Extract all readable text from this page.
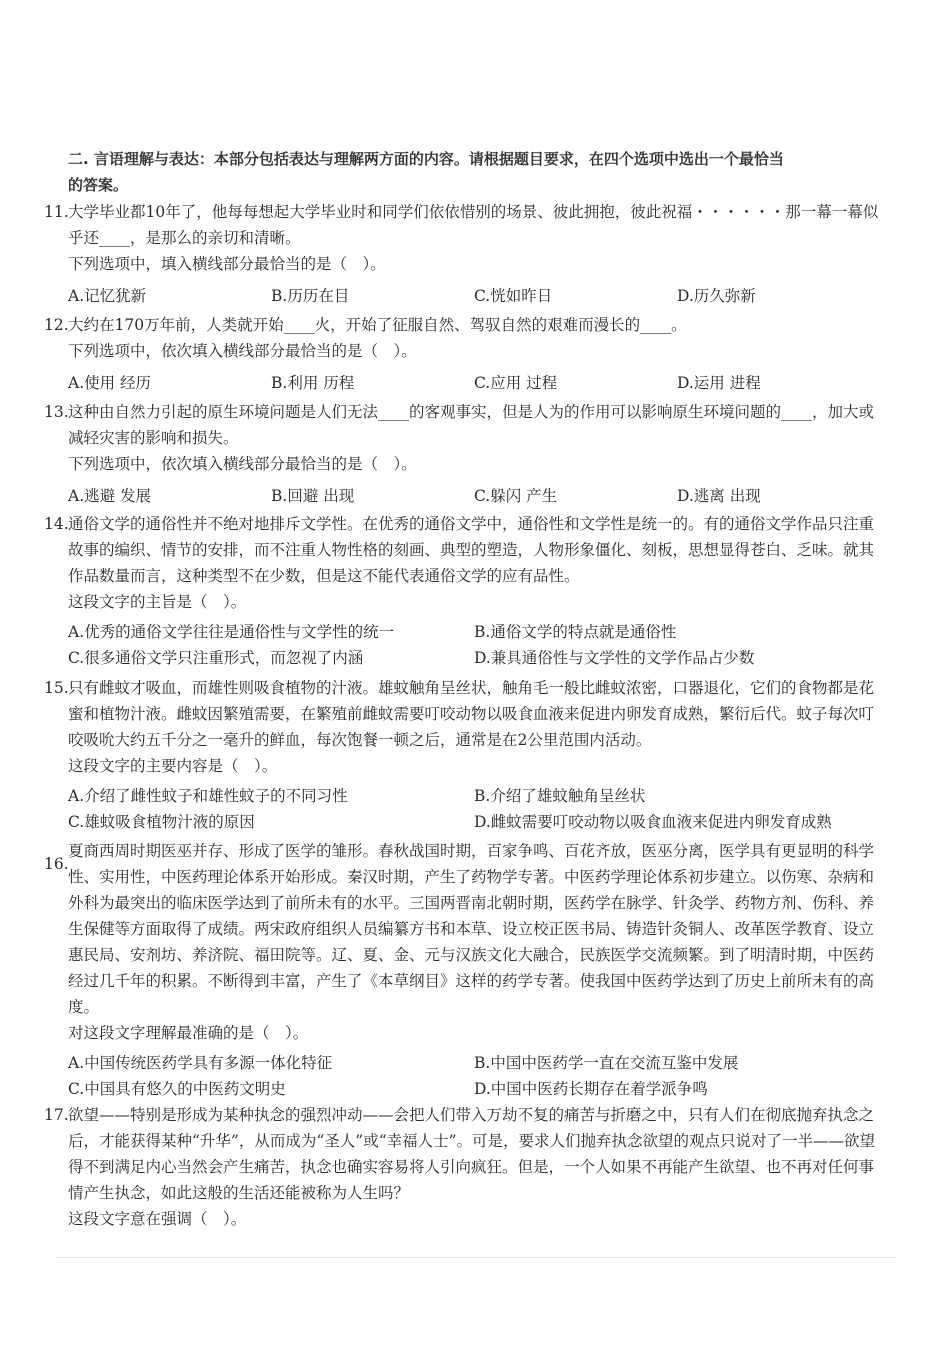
二. 言语理解与表达：本部分包括表达与理解两方面的内容。请根据题目要求，在四个选项中选出一个最恰当
的答案。
11. 大学毕业都10年了，他每每想起大学毕业时和同学们依依惜别的场景、彼此拥抱，彼此祝福・・・・・・那一幕一幕似乎还____，是那么的亲切和清晰。

下列选项中，填入横线部分最恰当的是（　）。

A.记忆犹新	B.历历在目	C.恍如昨日	D.历久弥新
12. 大约在170万年前，人类就开始____火，开始了征服自然、驾驭自然的艰难而漫长的____。

下列选项中，依次填入横线部分最恰当的是（　）。

A.使用 经历	B.利用 历程	C.应用 过程	D.运用 进程
13. 这种由自然力引起的原生环境问题是人们无法____的客观事实，但是人为的作用可以影响原生环境问题的____，加大或减轻灾害的影响和损失。

下列选项中，依次填入横线部分最恰当的是（　）。

A.逃避 发展	B.回避 出现	C.躲闪 产生	D.逃离 出现
14. 通俗文学的通俗性并不绝对地排斥文学性。在优秀的通俗文学中，通俗性和文学性是统一的。有的通俗文学作品只注重故事的编织、情节的安排，而不注重人物性格的刻画、典型的塑造，人物形象僵化、刻板，思想显得苍白、乏味。就其作品数量而言，这种类型不在少数，但是这不能代表通俗文学的应有品性。

这段文字的主旨是（　）。

A.优秀的通俗文学往往是通俗性与文学性的统一	B.通俗文学的特点就是通俗性
C.很多通俗文学只注重形式，而忽视了内涵	D.兼具通俗性与文学性的文学作品占少数
15. 只有雌蚊才吸血，而雄性则吸食植物的汁液。雄蚊触角呈丝状，触角毛一般比雌蚊浓密，口器退化，它们的食物都是花蜜和植物汁液。雌蚊因繁殖需要，在繁殖前雌蚊需要叮咬动物以吸食血液来促进内卵发育成熟，繁衍后代。蚊子每次叮咬吸吮大约五千分之一毫升的鲜血，每次饱餐一顿之后，通常是在2公里范围内活动。

这段文字的主要内容是（　）。

A.介绍了雌性蚊子和雄性蚊子的不同习性	B.介绍了雄蚊触角呈丝状
C.雄蚊吸食植物汁液的原因	D.雌蚊需要叮咬动物以吸食血液来促进内卵发育成熟
16.

夏商西周时期医巫并存、形成了医学的雏形。春秋战国时期，百家争鸣、百花齐放，医巫分离，医学具有更显明的科学性、实用性，中医药理论体系开始形成。秦汉时期，产生了药物学专著。中医药学理论体系初步建立。以伤寒、杂病和外科为最突出的临床医学达到了前所未有的水平。三国两晋南北朝时期，医药学在脉学、针灸学、药物方剂、伤科、养生保健等方面取得了成绩。两宋政府组织人员编纂方书和本草、设立校正医书局、铸造针灸铜人、改革医学教育、设立惠民局、安剂坊、养济院、福田院等。辽、夏、金、元与汉族文化大融合，民族医学交流频繁。到了明清时期，中医药经过几千年的积累。不断得到丰富，产生了《本草纲目》这样的药学专著。使我国中医药学达到了历史上前所未有的高度。

对这段文字理解最准确的是（　）。

A.中国传统医药学具有多源一体化特征	B.中国中医药学一直在交流互鉴中发展
C.中国具有悠久的中医药文明史	D.中国中医药长期存在着学派争鸣
17. 欲望——特别是形成为某种执念的强烈冲动——会把人们带入万劫不复的痛苦与折磨之中，只有人们在彻底抛弃执念之后，才能获得某种“升华”，从而成为“圣人”或“幸福人士”。可是，要求人们抛弃执念欲望的观点只说对了一半——欲望得不到满足内心当然会产生痛苦，执念也确实容易将人引向疯狂。但是，一个人如果不再能产生欲望、也不再对任何事情产生执念，如此这般的生活还能被称为人生吗？

这段文字意在强调（　）。
